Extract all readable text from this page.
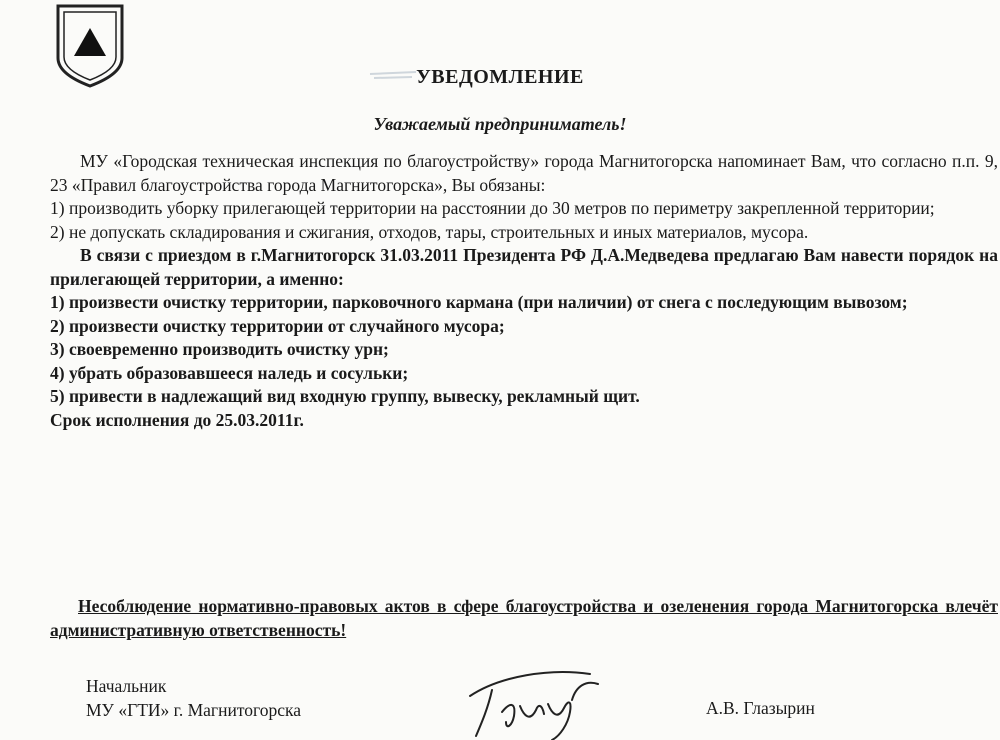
УВЕДОМЛЕНИЕ
Уважаемый предприниматель!

МУ «Городская техническая инспекция по благоустройству» города Магнитогорска напоминает Вам, что согласно п.п. 9, 23 «Правил благоустройства города Магнитогорска», Вы обязаны:

1) производить уборку прилегающей территории на расстоянии до 30 метров по периметру закрепленной территории;

2) не допускать складирования и сжигания, отходов, тары, строительных и иных материалов, мусора.

В связи с приездом в г.Магнитогорск 31.03.2011 Президента РФ Д.А.Медведева предлагаю Вам навести порядок на прилегающей территории, а именно:

1) произвести очистку территории, парковочного кармана (при наличии) от снега с последующим вывозом;

2) произвести очистку территории от случайного мусора;

3) своевременно производить очистку урн;

4) убрать образовавшееся наледь и сосульки;

5) привести в надлежащий вид входную группу, вывеску, рекламный щит.

Срок исполнения до 25.03.2011г.

Несоблюдение нормативно-правовых актов в сфере благоустройства и озеленения города Магнитогорска влечёт административную ответственность!
Начальник
МУ «ГТИ» г. Магнитогорска	А.В. Глазырин
